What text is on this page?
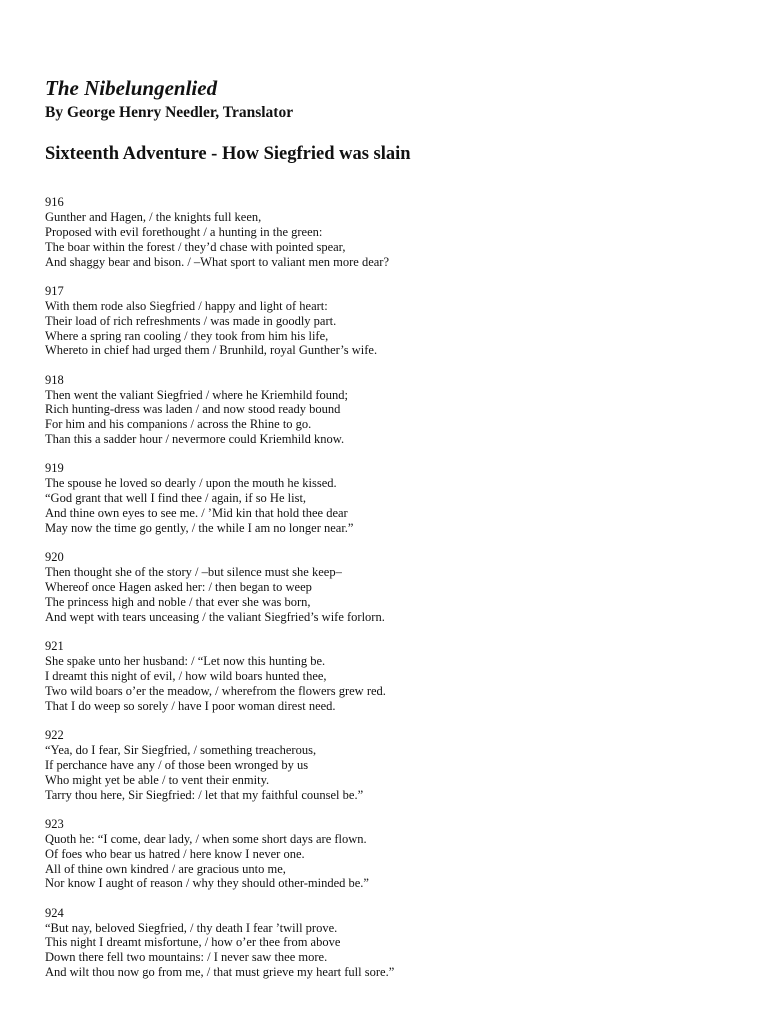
The Nibelungenlied

By George Henry Needler, Translator

Sixteenth Adventure - How Siegfried was slain
916
Gunther and Hagen, / the knights full keen,
Proposed with evil forethought / a hunting in the green:
The boar within the forest / they’d chase with pointed spear,
And shaggy bear and bison. / –What sport to valiant men more dear?
917
With them rode also Siegfried / happy and light of heart:
Their load of rich refreshments / was made in goodly part.
Where a spring ran cooling / they took from him his life,
Whereto in chief had urged them / Brunhild, royal Gunther’s wife.
918
Then went the valiant Siegfried / where he Kriemhild found;
Rich hunting-dress was laden / and now stood ready bound
For him and his companions / across the Rhine to go.
Than this a sadder hour / nevermore could Kriemhild know.
919
The spouse he loved so dearly / upon the mouth he kissed.
“God grant that well I find thee / again, if so He list,
And thine own eyes to see me. / ’Mid kin that hold thee dear
May now the time go gently, / the while I am no longer near.”
920
Then thought she of the story / –but silence must she keep–
Whereof once Hagen asked her: / then began to weep
The princess high and noble / that ever she was born,
And wept with tears unceasing / the valiant Siegfried’s wife forlorn.
921
She spake unto her husband: / “Let now this hunting be.
I dreamt this night of evil, / how wild boars hunted thee,
Two wild boars o’er the meadow, / wherefrom the flowers grew red.
That I do weep so sorely / have I poor woman direst need.
922
“Yea, do I fear, Sir Siegfried, / something treacherous,
If perchance have any / of those been wronged by us
Who might yet be able / to vent their enmity.
Tarry thou here, Sir Siegfried: / let that my faithful counsel be.”
923
Quoth he: “I come, dear lady, / when some short days are flown.
Of foes who bear us hatred / here know I never one.
All of thine own kindred / are gracious unto me,
Nor know I aught of reason / why they should other-minded be.”
924
“But nay, beloved Siegfried, / thy death I fear ’twill prove.
This night I dreamt misfortune, / how o’er thee from above
Down there fell two mountains: / I never saw thee more.
And wilt thou now go from me, / that must grieve my heart full sore.”
